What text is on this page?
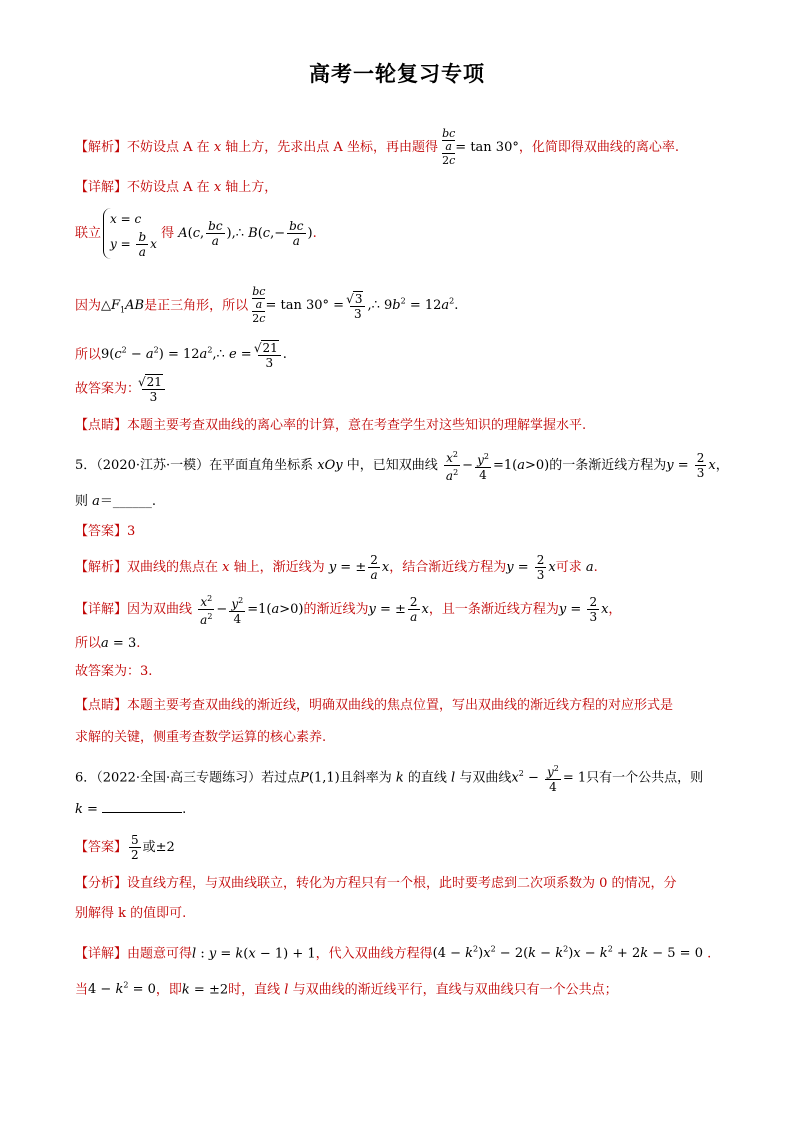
高考一轮复习专项
【解析】不妨设点 A 在 x 轴上方，先求出点 A 坐标，再由题得 $\frac{bc}{a}$
2c
= tan 30°，化简即得双曲线的离心率.
【详解】不妨设点 A 在 x 轴上方，
联立
x = c
$y = \frac{b}{a}$ x
得 A(c, $\frac{bc}{a}$ ),∴ $B(c,- \frac{bc}{a}$ ).
因为$\triangle F_1AB$是正三角形，所以 $\frac{bc}{a}$
2c
= tan 30° = √ $\frac{3}{3}$ ,∴ $9b^2 = 12a^2$.
所以$9(c^2 - a^2)$ = $12a^2,\therefore$ e = √ $\frac{21}{3}$ .
故答案为： √ $\frac{21}{3}$
【点睛】本题主要考查双曲线的离心率的计算，意在考查学生对这些知识的理解掌握水平.
5．（2020·江苏·一模）在平面直角坐标系 xOy 中，已知双曲线 $\frac{x^2}{a^2} - \frac{y^2}{4} =1(a>0)$的一条渐近线方程为$y = \frac{2}{3}$ x，
则 a＝______.
【答案】3
【解析】双曲线的焦点在 x 轴上，渐近线为 y = ± $\frac{2}{a}$ x，结合渐近线方程为$y = \frac{2}{3}$ x可求 a.
【详解】因为双曲线 $\frac{x^2}{a^2} - \frac{y^2}{4} =1(a>0)$的渐近线为y = ± $\frac{2}{a}$ x，且一条渐近线方程为$y = \frac{2}{3}$ x，
所以a = 3.
故答案为：3.
【点睛】本题主要考查双曲线的渐近线，明确双曲线的焦点位置，写出双曲线的渐近线方程的对应形式是
求解的关键，侧重考查数学运算的核心素养.
6．（2022·全国·高三专题练习）若过点P(1,1)且斜率为 k 的直线 l 与双曲线$x^2 - \frac{y^2}{4} = 1$只有一个公共点，则
k =	.
【答案】 $\frac{5}{2}$ 或±2
【分析】设直线方程，与双曲线联立，转化为方程只有一个根，此时要考虑到二次项系数为 0 的情况，分
别解得 k 的值即可.
【详解】由题意可得l : y = k(x − 1) + 1，代入双曲线方程得$(4 - k^2)x^2 - 2(k - k^2)x - k^2 + 2k - 5 = 0$ .
当$4 - k^2 = 0$，即k = ±2时，直线 l 与双曲线的渐近线平行，直线与双曲线只有一个公共点；
